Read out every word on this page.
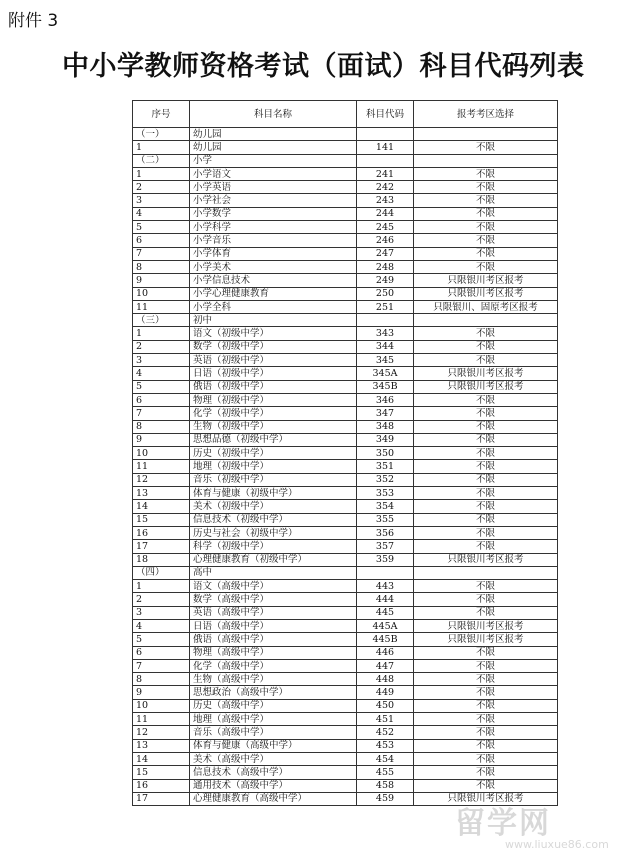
附件 3
中小学教师资格考试（面试）科目代码列表
序号	科目名称	科目代码	报考考区选择
（一）	幼儿园		
1	幼儿园	141	不限
（二）	小学		
1	小学语文	241	不限
2	小学英语	242	不限
3	小学社会	243	不限
4	小学数学	244	不限
5	小学科学	245	不限
6	小学音乐	246	不限
7	小学体育	247	不限
8	小学美术	248	不限
9	小学信息技术	249	只限银川考区报考
10	小学心理健康教育	250	只限银川考区报考
11	小学全科	251	只限银川、固原考区报考
（三）	初中		
1	语文（初级中学）	343	不限
2	数学（初级中学）	344	不限
3	英语（初级中学）	345	不限
4	日语（初级中学）	345A	只限银川考区报考
5	俄语（初级中学）	345B	只限银川考区报考
6	物理（初级中学）	346	不限
7	化学（初级中学）	347	不限
8	生物（初级中学）	348	不限
9	思想品德（初级中学）	349	不限
10	历史（初级中学）	350	不限
11	地理（初级中学）	351	不限
12	音乐（初级中学）	352	不限
13	体育与健康（初级中学）	353	不限
14	美术（初级中学）	354	不限
15	信息技术（初级中学）	355	不限
16	历史与社会（初级中学）	356	不限
17	科学（初级中学）	357	不限
18	心理健康教育（初级中学）	359	只限银川考区报考
（四）	高中		
1	语文（高级中学）	443	不限
2	数学（高级中学）	444	不限
3	英语（高级中学）	445	不限
4	日语（高级中学）	445A	只限银川考区报考
5	俄语（高级中学）	445B	只限银川考区报考
6	物理（高级中学）	446	不限
7	化学（高级中学）	447	不限
8	生物（高级中学）	448	不限
9	思想政治（高级中学）	449	不限
10	历史（高级中学）	450	不限
11	地理（高级中学）	451	不限
12	音乐（高级中学）	452	不限
13	体育与健康（高级中学）	453	不限
14	美术（高级中学）	454	不限
15	信息技术（高级中学）	455	不限
16	通用技术（高级中学）	458	不限
17	心理健康教育（高级中学）	459	只限银川考区报考
留学网
www.liuxue86.com
